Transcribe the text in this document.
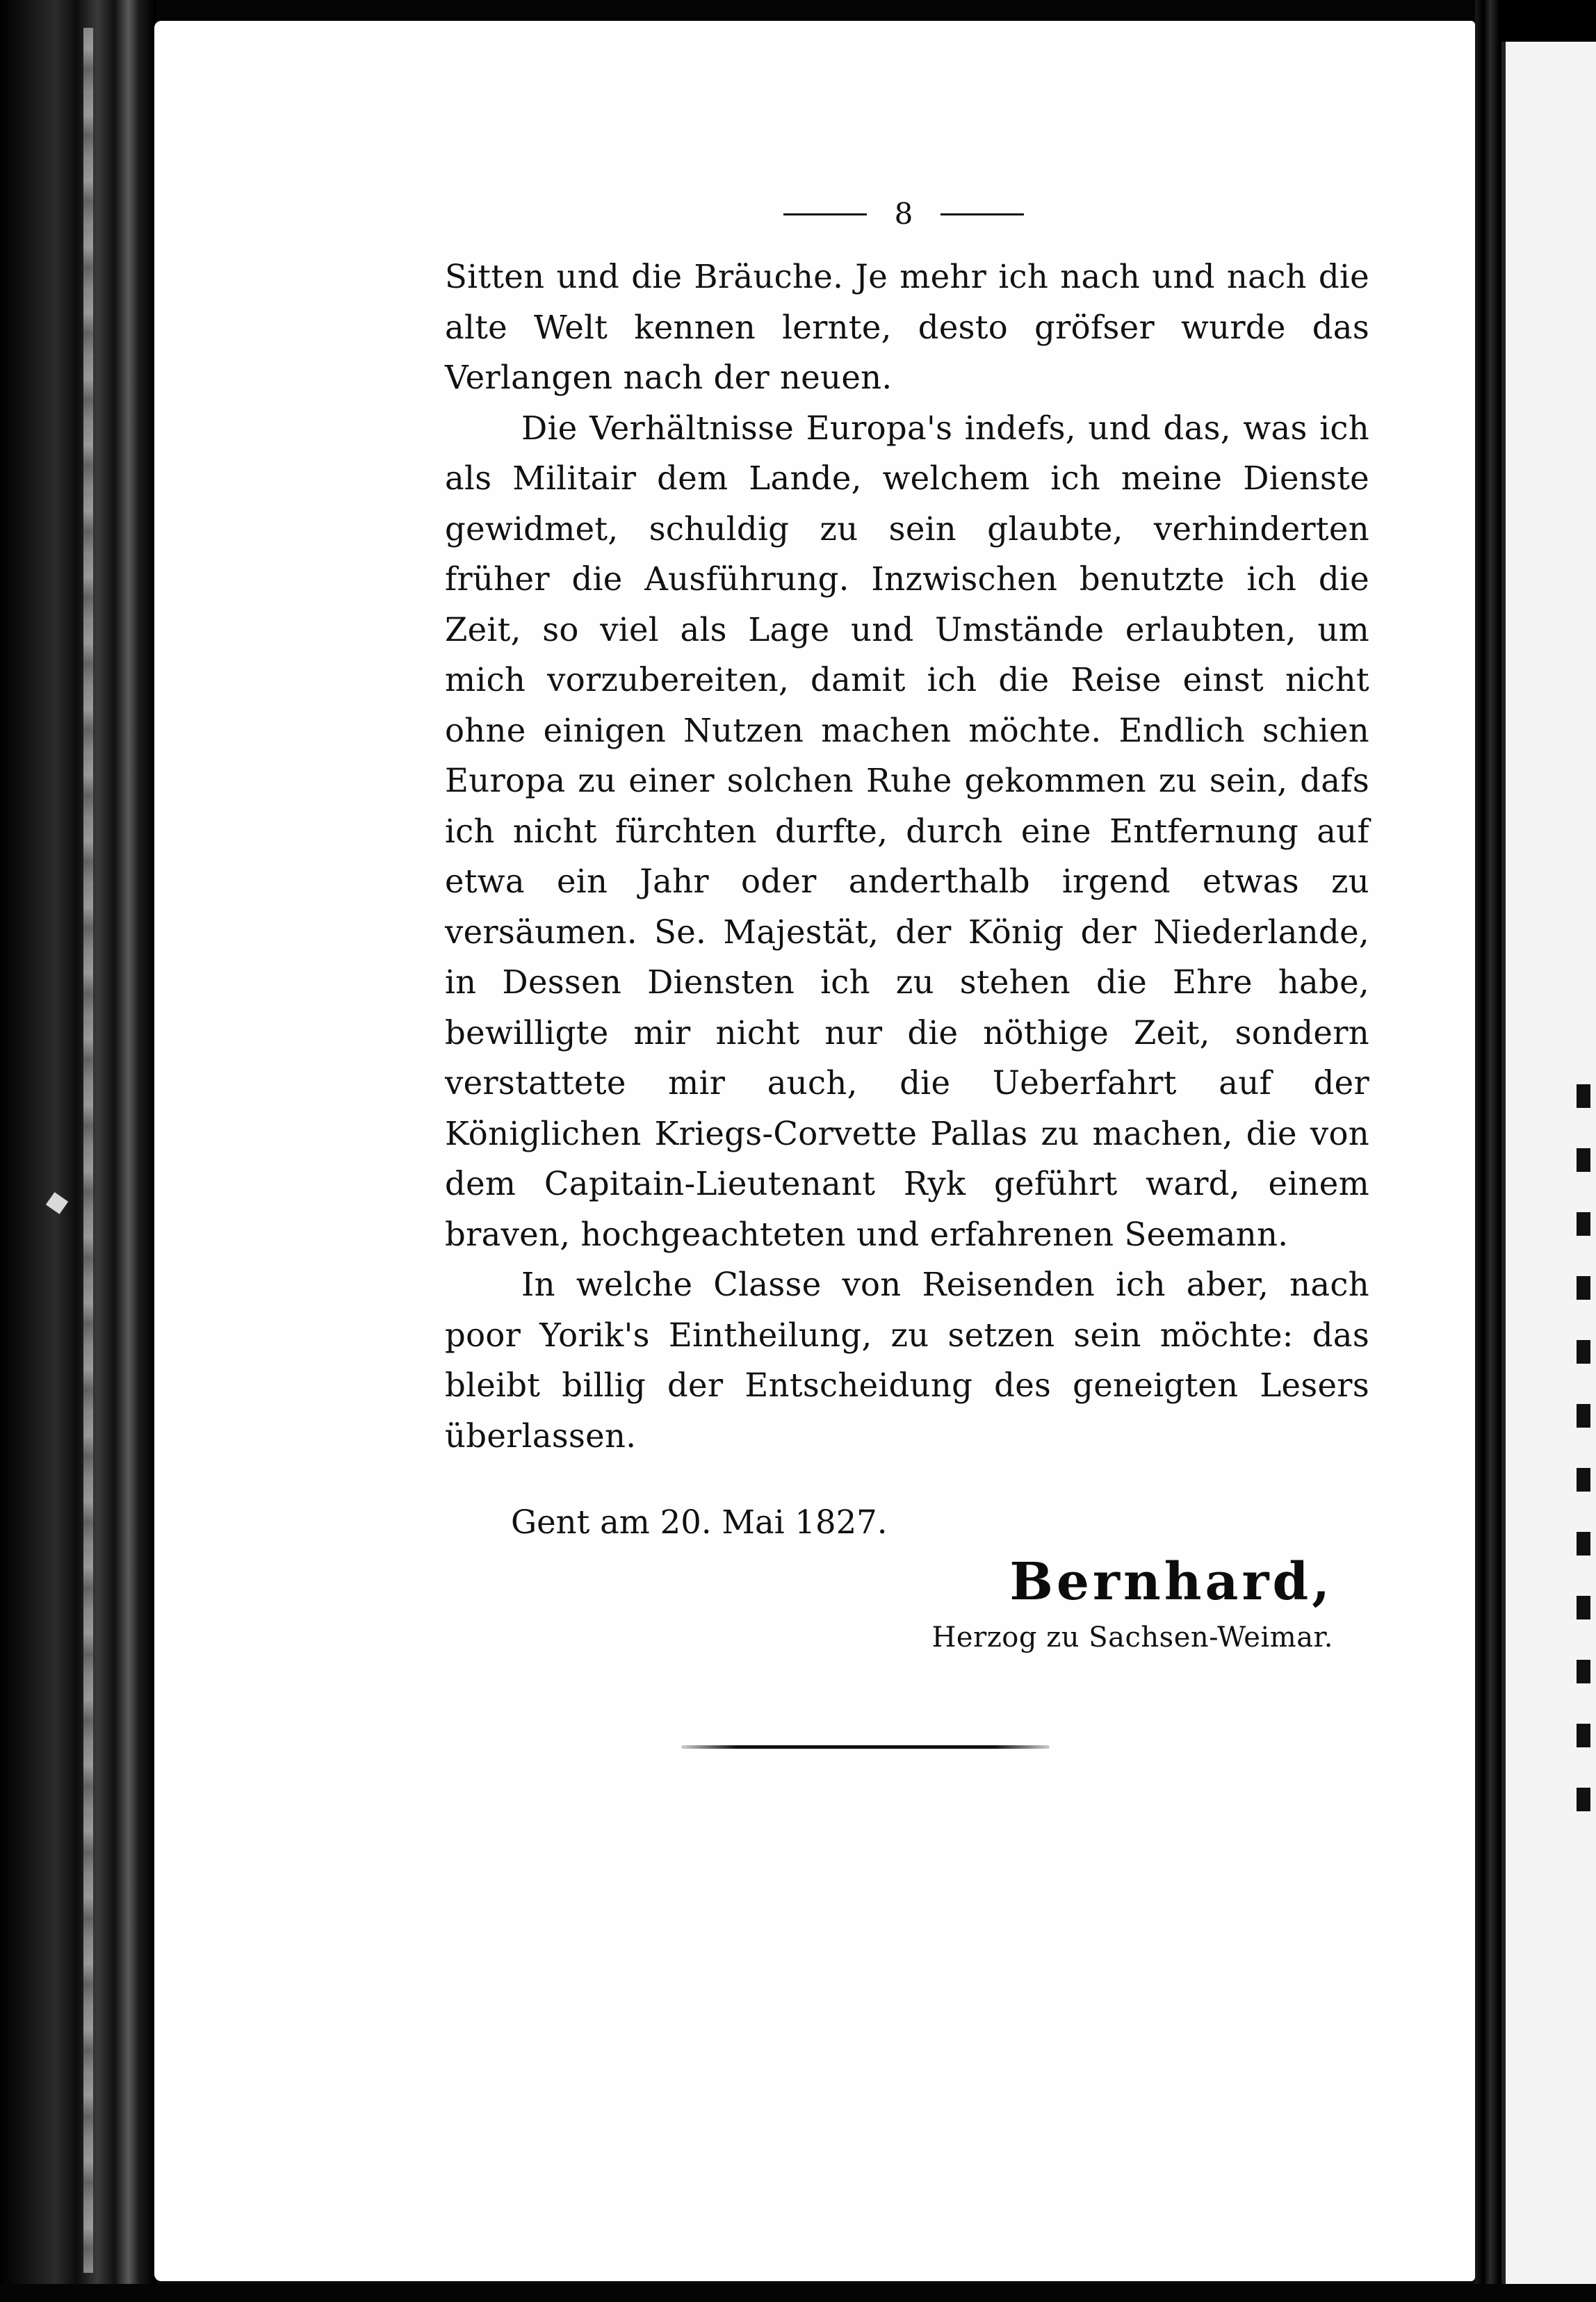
8

Sitten und die Bräuche. Je mehr ich nach und nach die alte Welt kennen lernte, desto gröfser wurde das Verlangen nach der neuen.

Die Verhältnisse Europa's indefs, und das, was ich als Militair dem Lande, welchem ich meine Dienste gewidmet, schuldig zu sein glaubte, verhinderten früher die Ausführung. Inzwischen benutzte ich die Zeit, so viel als Lage und Umstände erlaubten, um mich vorzubereiten, damit ich die Reise einst nicht ohne einigen Nutzen machen möchte. Endlich schien Europa zu einer solchen Ruhe gekommen zu sein, dafs ich nicht fürchten durfte, durch eine Entfernung auf etwa ein Jahr oder anderthalb irgend etwas zu versäumen. Se. Majestät, der König der Niederlande, in Dessen Diensten ich zu stehen die Ehre habe, bewilligte mir nicht nur die nöthige Zeit, sondern verstattete mir auch, die Ueberfahrt auf der Königlichen Kriegs-Corvette Pallas zu machen, die von dem Capitain-Lieutenant Ryk geführt ward, einem braven, hochgeachteten und erfahrenen Seemann.

In welche Classe von Reisenden ich aber, nach poor Yorik's Eintheilung, zu setzen sein möchte: das bleibt billig der Entscheidung des geneigten Lesers überlassen.

Gent am 20. Mai 1827.
Bernhard,
Herzog zu Sachsen-Weimar.
